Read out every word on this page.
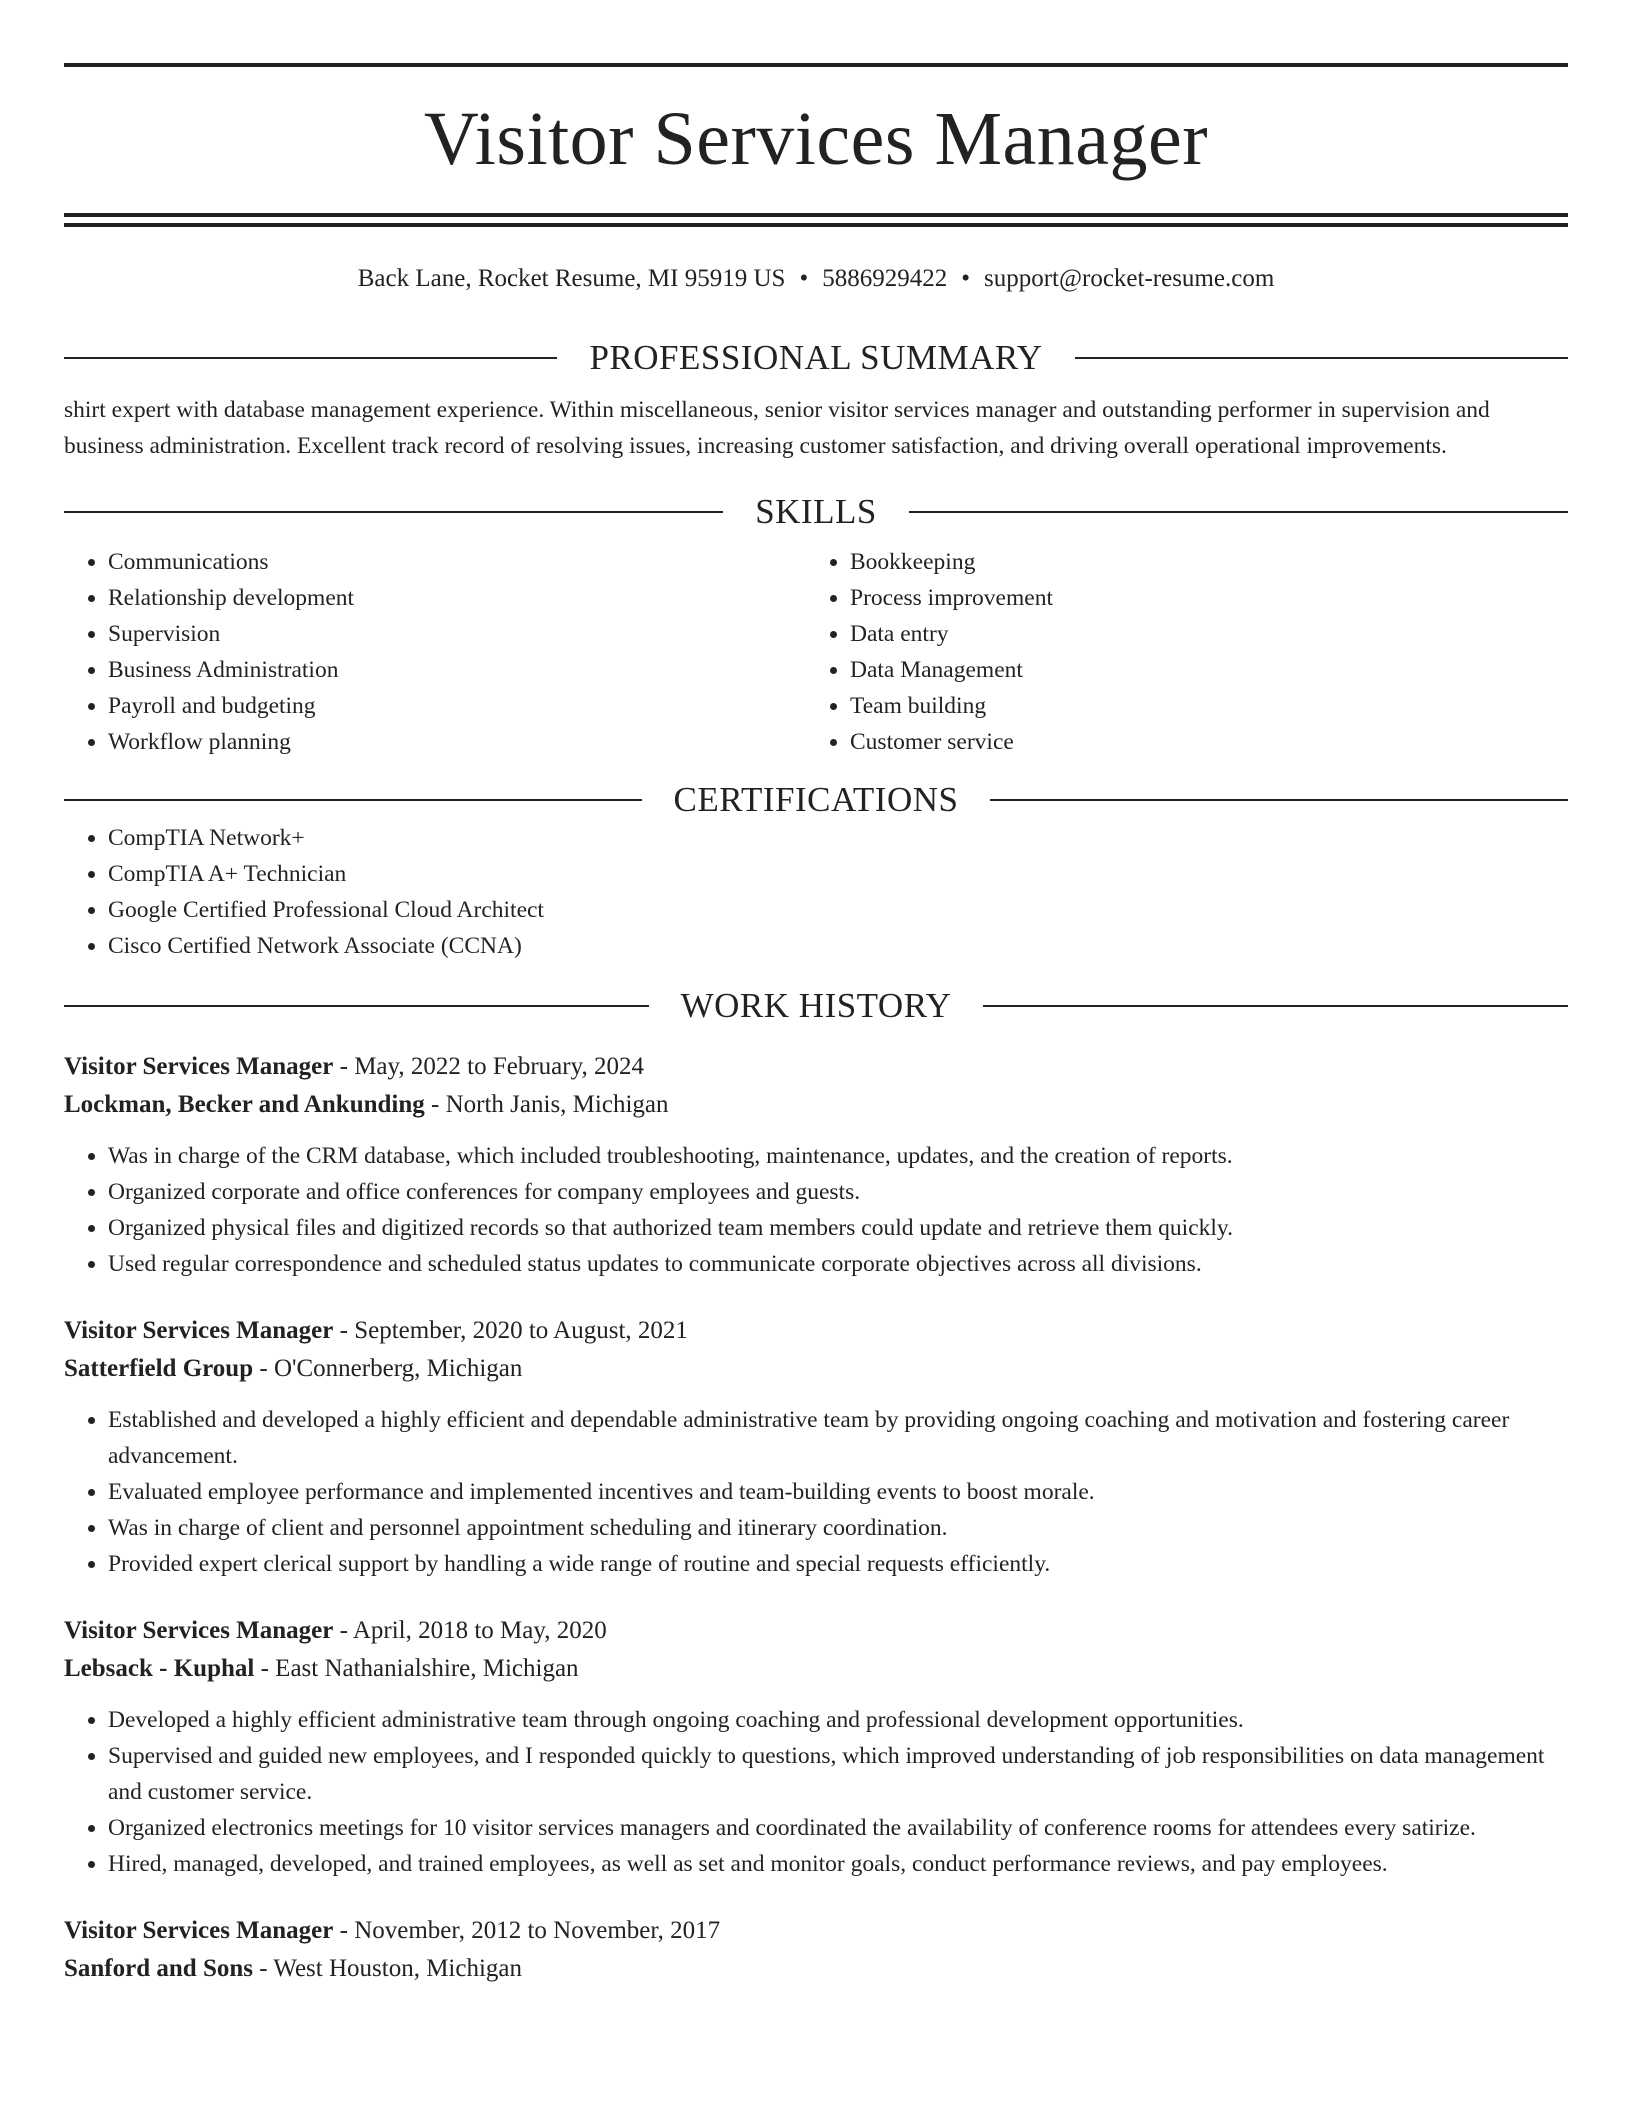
Visitor Services Manager
Back Lane, Rocket Resume, MI 95919 US • 5886929422 • support@rocket-resume.com
PROFESSIONAL SUMMARY
shirt expert with database management experience. Within miscellaneous, senior visitor services manager and outstanding performer in supervision and business administration. Excellent track record of resolving issues, increasing customer satisfaction, and driving overall operational improvements.
SKILLS
• Communications
• Relationship development
• Supervision
• Business Administration
• Payroll and budgeting
• Workflow planning
• Bookkeeping
• Process improvement
• Data entry
• Data Management
• Team building
• Customer service
CERTIFICATIONS
• CompTIA Network+
• CompTIA A+ Technician
• Google Certified Professional Cloud Architect
• Cisco Certified Network Associate (CCNA)
WORK HISTORY
Visitor Services Manager - May, 2022 to February, 2024
Lockman, Becker and Ankunding - North Janis, Michigan
• Was in charge of the CRM database, which included troubleshooting, maintenance, updates, and the creation of reports.
• Organized corporate and office conferences for company employees and guests.
• Organized physical files and digitized records so that authorized team members could update and retrieve them quickly.
• Used regular correspondence and scheduled status updates to communicate corporate objectives across all divisions.
Visitor Services Manager - September, 2020 to August, 2021
Satterfield Group - O'Connerberg, Michigan
• Established and developed a highly efficient and dependable administrative team by providing ongoing coaching and motivation and fostering career advancement.
• Evaluated employee performance and implemented incentives and team-building events to boost morale.
• Was in charge of client and personnel appointment scheduling and itinerary coordination.
• Provided expert clerical support by handling a wide range of routine and special requests efficiently.
Visitor Services Manager - April, 2018 to May, 2020
Lebsack - Kuphal - East Nathanialshire, Michigan
• Developed a highly efficient administrative team through ongoing coaching and professional development opportunities.
• Supervised and guided new employees, and I responded quickly to questions, which improved understanding of job responsibilities on data management and customer service.
• Organized electronics meetings for 10 visitor services managers and coordinated the availability of conference rooms for attendees every satirize.
• Hired, managed, developed, and trained employees, as well as set and monitor goals, conduct performance reviews, and pay employees.
Visitor Services Manager - November, 2012 to November, 2017
Sanford and Sons - West Houston, Michigan
